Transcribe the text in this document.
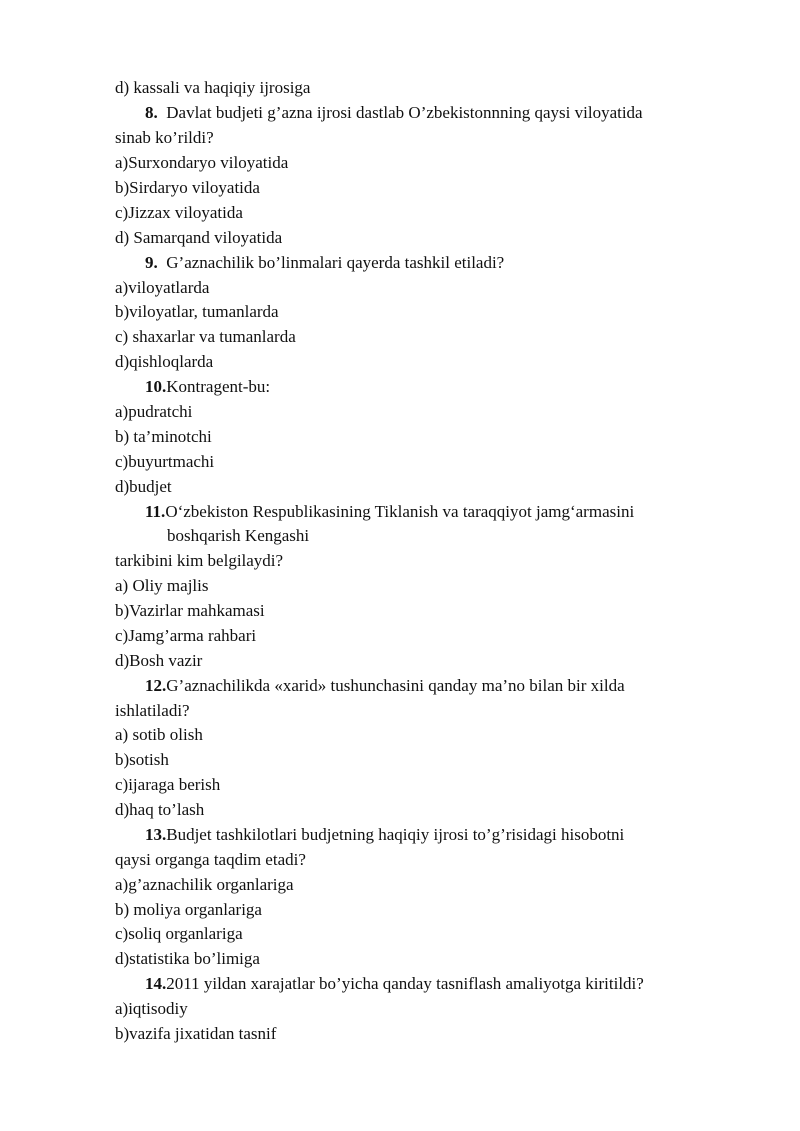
d) kassali va haqiqiy ijrosiga
8. Davlat budjeti g’azna ijrosi dastlab O’zbekistonnning qaysi viloyatida
sinab ko’rildi?
a)Surxondaryo viloyatida
b)Sirdaryo viloyatida
c)Jizzax viloyatida
d) Samarqand viloyatida
9. G’aznachilik bo’linmalari qayerda tashkil etiladi?
a)viloyatlarda
b)viloyatlar, tumanlarda
c) shaxarlar va tumanlarda
d)qishloqlarda
10.Kontragent-bu:
a)pudratchi
b) ta’minotchi
c)buyurtmachi
d)budjet
11.O‘zbekiston Respublikasining Tiklanish va taraqqiyot jamg‘armasini
boshqarish Kengashi
tarkibini kim belgilaydi?
a) Oliy majlis
b)Vazirlar mahkamasi
c)Jamg’arma rahbari
d)Bosh vazir
12.G’aznachilikda «xarid» tushunchasini qanday ma’no bilan bir xilda
ishlatiladi?
a) sotib olish
b)sotish
c)ijaraga berish
d)haq to’lash
13.Budjet tashkilotlari budjetning haqiqiy ijrosi to’g’risidagi hisobotni
qaysi organga taqdim etadi?
a)g’aznachilik organlariga
b) moliya organlariga
c)soliq organlariga
d)statistika bo’limiga
14.2011 yildan xarajatlar bo’yicha qanday tasniflash amaliyotga kiritildi?
a)iqtisodiy
b)vazifa jixatidan tasnif
